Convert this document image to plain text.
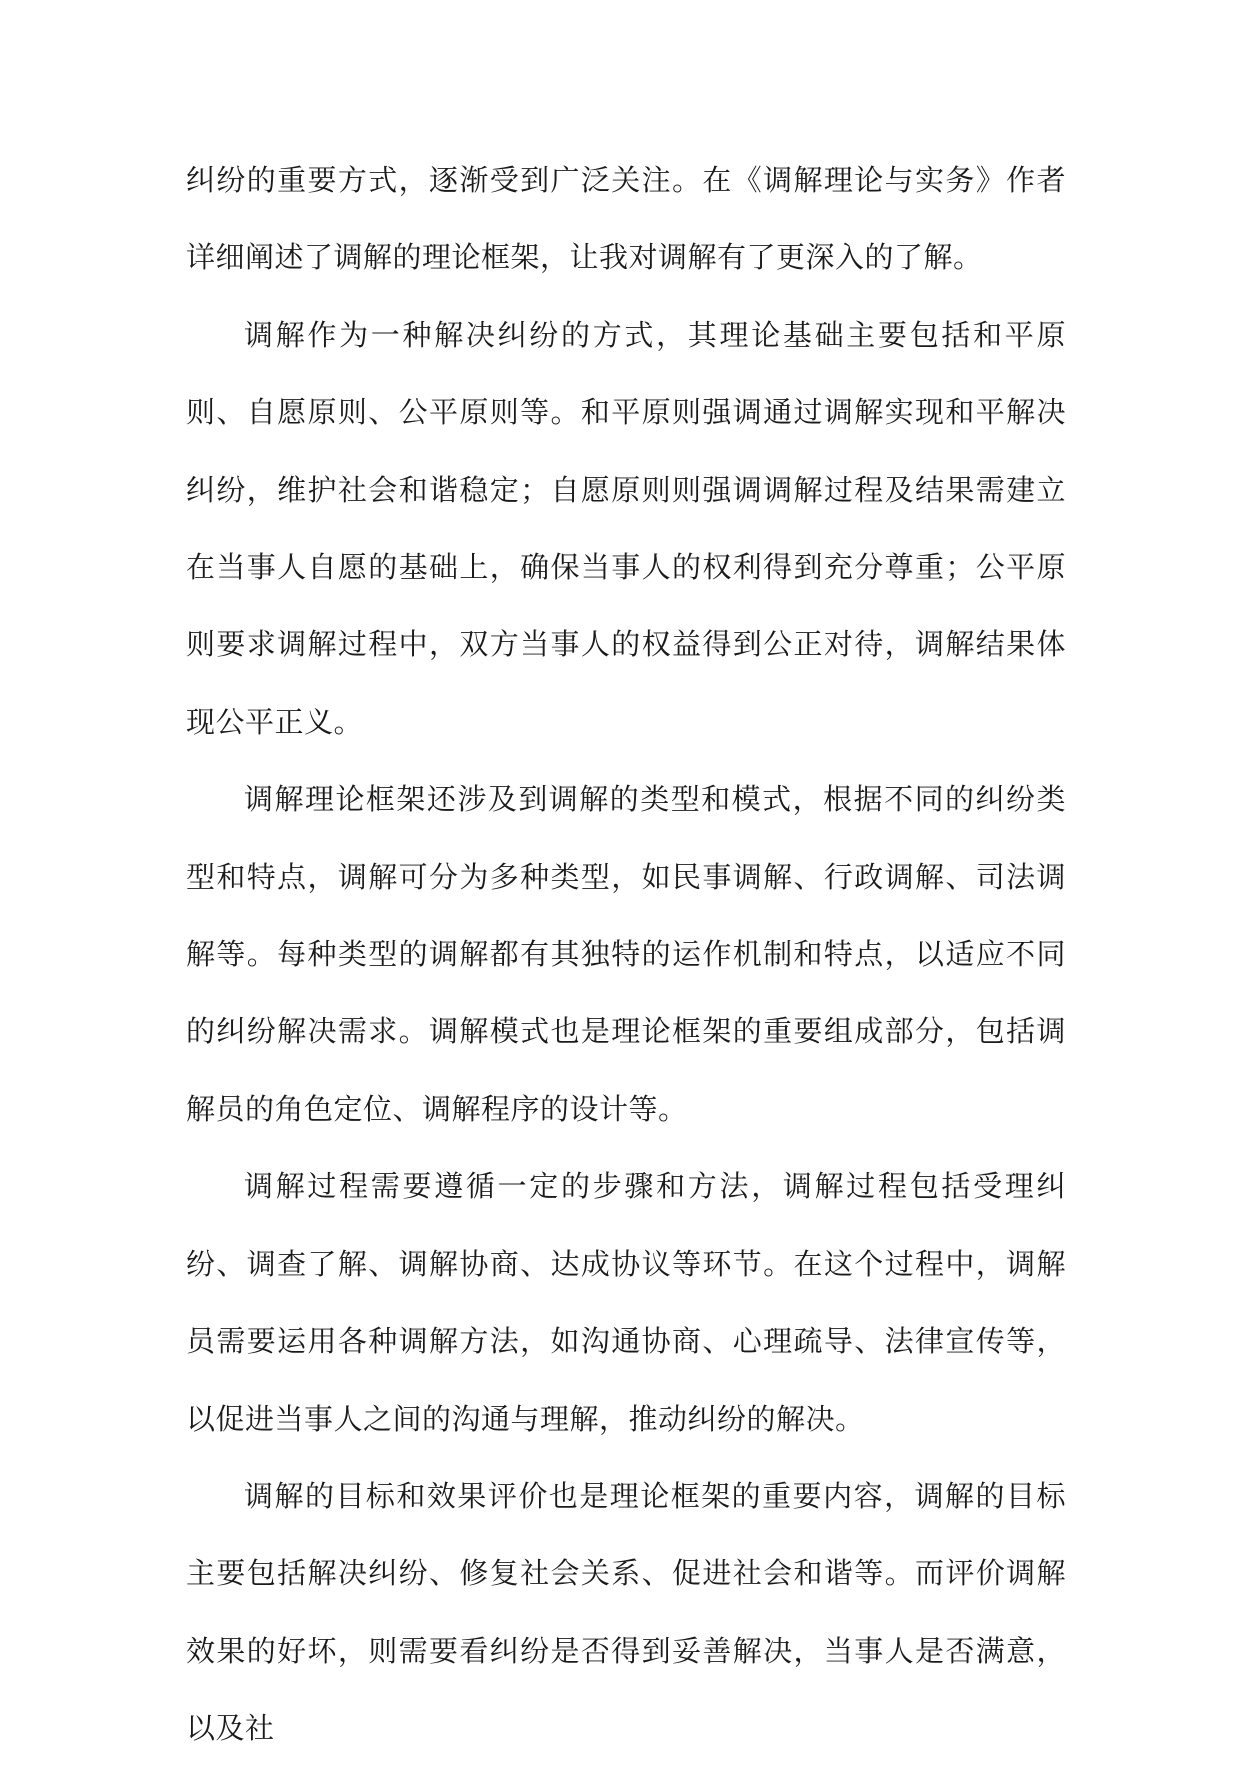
纠纷的重要方式，逐渐受到广泛关注。在《调解理论与实务》作者详细阐述了调解的理论框架，让我对调解有了更深入的了解。

调解作为一种解决纠纷的方式，其理论基础主要包括和平原则、自愿原则、公平原则等。和平原则强调通过调解实现和平解决纠纷，维护社会和谐稳定；自愿原则则强调调解过程及结果需建立在当事人自愿的基础上，确保当事人的权利得到充分尊重；公平原则要求调解过程中，双方当事人的权益得到公正对待，调解结果体现公平正义。

调解理论框架还涉及到调解的类型和模式，根据不同的纠纷类型和特点，调解可分为多种类型，如民事调解、行政调解、司法调解等。每种类型的调解都有其独特的运作机制和特点，以适应不同的纠纷解决需求。调解模式也是理论框架的重要组成部分，包括调解员的角色定位、调解程序的设计等。

调解过程需要遵循一定的步骤和方法，调解过程包括受理纠纷、调查了解、调解协商、达成协议等环节。在这个过程中，调解员需要运用各种调解方法，如沟通协商、心理疏导、法律宣传等，以促进当事人之间的沟通与理解，推动纠纷的解决。

调解的目标和效果评价也是理论框架的重要内容，调解的目标主要包括解决纠纷、修复社会关系、促进社会和谐等。而评价调解效果的好坏，则需要看纠纷是否得到妥善解决，当事人是否满意，以及社
